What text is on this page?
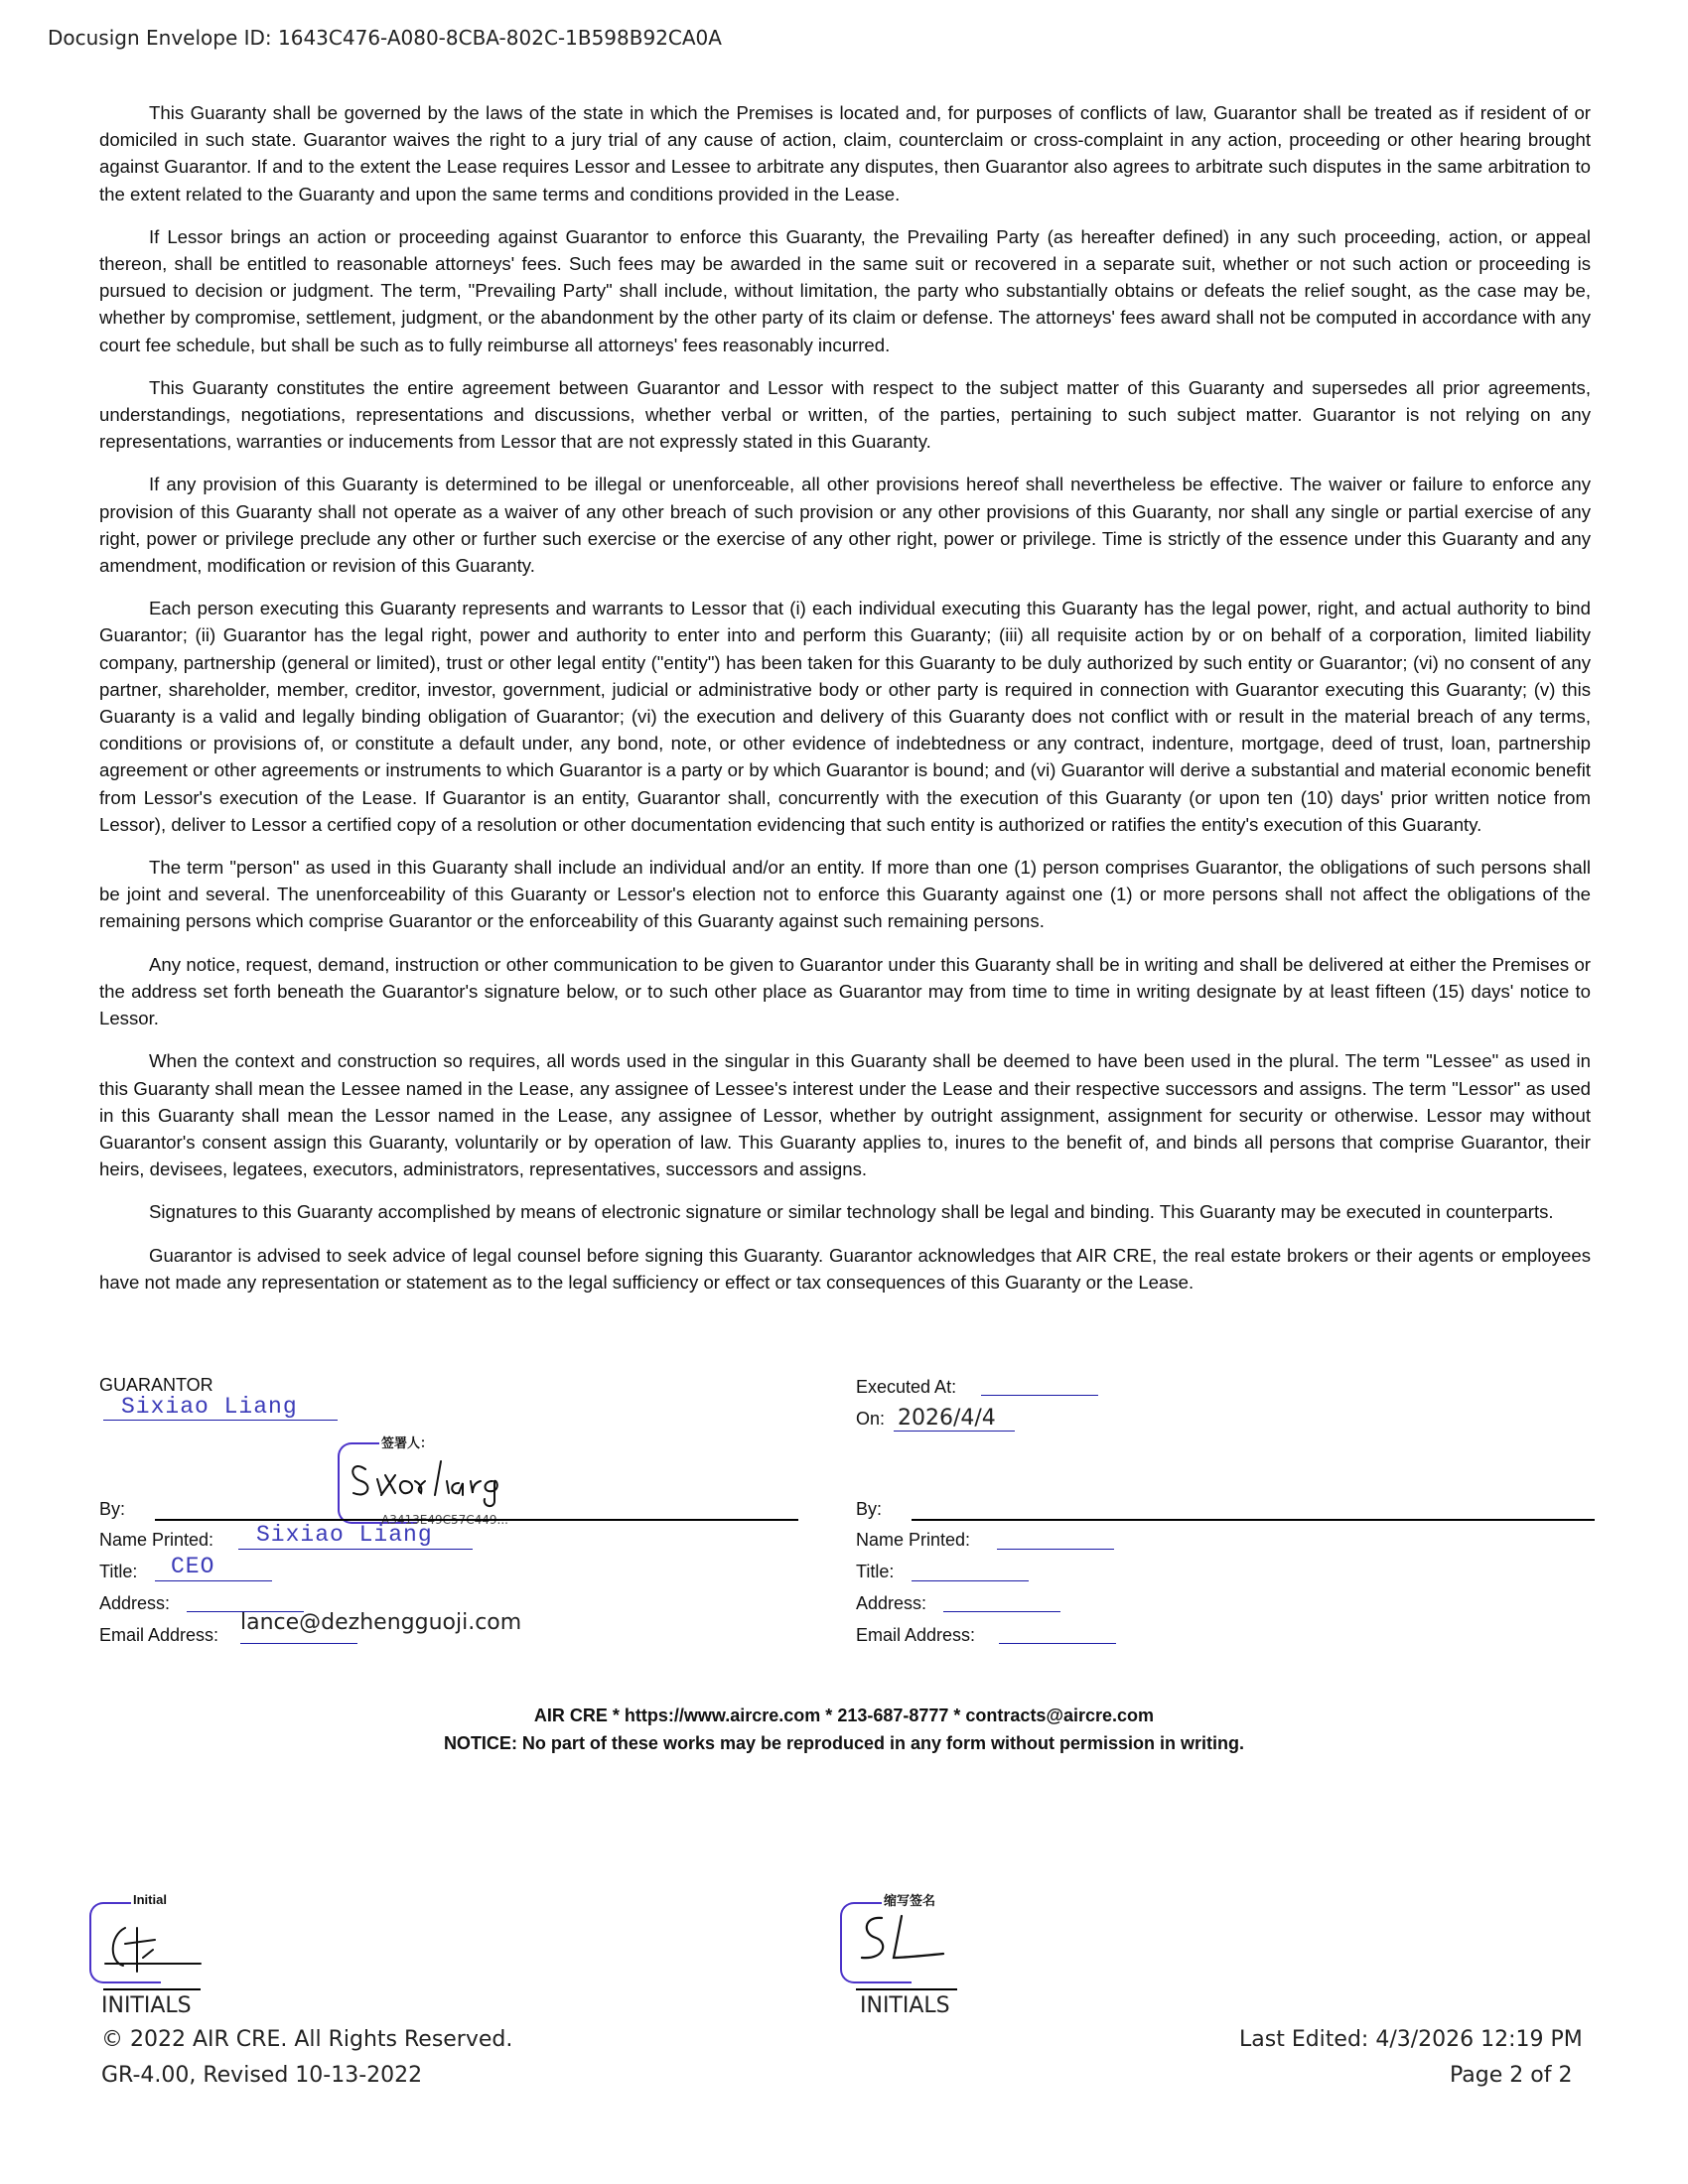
Docusign Envelope ID: 1643C476-A080-8CBA-802C-1B598B92CA0A

This Guaranty shall be governed by the laws of the state in which the Premises is located and, for purposes of conflicts of law, Guarantor shall be treated as if resident of or domiciled in such state. Guarantor waives the right to a jury trial of any cause of action, claim, counterclaim or cross-complaint in any action, proceeding or other hearing brought against Guarantor. If and to the extent the Lease requires Lessor and Lessee to arbitrate any disputes, then Guarantor also agrees to arbitrate such disputes in the same arbitration to the extent related to the Guaranty and upon the same terms and conditions provided in the Lease.

If Lessor brings an action or proceeding against Guarantor to enforce this Guaranty, the Prevailing Party (as hereafter defined) in any such proceeding, action, or appeal thereon, shall be entitled to reasonable attorneys' fees. Such fees may be awarded in the same suit or recovered in a separate suit, whether or not such action or proceeding is pursued to decision or judgment. The term, "Prevailing Party" shall include, without limitation, the party who substantially obtains or defeats the relief sought, as the case may be, whether by compromise, settlement, judgment, or the abandonment by the other party of its claim or defense. The attorneys' fees award shall not be computed in accordance with any court fee schedule, but shall be such as to fully reimburse all attorneys' fees reasonably incurred.

This Guaranty constitutes the entire agreement between Guarantor and Lessor with respect to the subject matter of this Guaranty and supersedes all prior agreements, understandings, negotiations, representations and discussions, whether verbal or written, of the parties, pertaining to such subject matter. Guarantor is not relying on any representations, warranties or inducements from Lessor that are not expressly stated in this Guaranty.

If any provision of this Guaranty is determined to be illegal or unenforceable, all other provisions hereof shall nevertheless be effective. The waiver or failure to enforce any provision of this Guaranty shall not operate as a waiver of any other breach of such provision or any other provisions of this Guaranty, nor shall any single or partial exercise of any right, power or privilege preclude any other or further such exercise or the exercise of any other right, power or privilege. Time is strictly of the essence under this Guaranty and any amendment, modification or revision of this Guaranty.

Each person executing this Guaranty represents and warrants to Lessor that (i) each individual executing this Guaranty has the legal power, right, and actual authority to bind Guarantor; (ii) Guarantor has the legal right, power and authority to enter into and perform this Guaranty; (iii) all requisite action by or on behalf of a corporation, limited liability company, partnership (general or limited), trust or other legal entity ("entity") has been taken for this Guaranty to be duly authorized by such entity or Guarantor; (vi) no consent of any partner, shareholder, member, creditor, investor, government, judicial or administrative body or other party is required in connection with Guarantor executing this Guaranty; (v) this Guaranty is a valid and legally binding obligation of Guarantor; (vi) the execution and delivery of this Guaranty does not conflict with or result in the material breach of any terms, conditions or provisions of, or constitute a default under, any bond, note, or other evidence of indebtedness or any contract, indenture, mortgage, deed of trust, loan, partnership agreement or other agreements or instruments to which Guarantor is a party or by which Guarantor is bound; and (vi) Guarantor will derive a substantial and material economic benefit from Lessor's execution of the Lease. If Guarantor is an entity, Guarantor shall, concurrently with the execution of this Guaranty (or upon ten (10) days' prior written notice from Lessor), deliver to Lessor a certified copy of a resolution or other documentation evidencing that such entity is authorized or ratifies the entity's execution of this Guaranty.

The term "person" as used in this Guaranty shall include an individual and/or an entity. If more than one (1) person comprises Guarantor, the obligations of such persons shall be joint and several. The unenforceability of this Guaranty or Lessor's election not to enforce this Guaranty against one (1) or more persons shall not affect the obligations of the remaining persons which comprise Guarantor or the enforceability of this Guaranty against such remaining persons.

Any notice, request, demand, instruction or other communication to be given to Guarantor under this Guaranty shall be in writing and shall be delivered at either the Premises or the address set forth beneath the Guarantor's signature below, or to such other place as Guarantor may from time to time in writing designate by at least fifteen (15) days' notice to Lessor.

When the context and construction so requires, all words used in the singular in this Guaranty shall be deemed to have been used in the plural. The term "Lessee" as used in this Guaranty shall mean the Lessee named in the Lease, any assignee of Lessee's interest under the Lease and their respective successors and assigns. The term "Lessor" as used in this Guaranty shall mean the Lessor named in the Lease, any assignee of Lessor, whether by outright assignment, assignment for security or otherwise. Lessor may without Guarantor's consent assign this Guaranty, voluntarily or by operation of law. This Guaranty applies to, inures to the benefit of, and binds all persons that comprise Guarantor, their heirs, devisees, legatees, executors, administrators, representatives, successors and assigns.

Signatures to this Guaranty accomplished by means of electronic signature or similar technology shall be legal and binding. This Guaranty may be executed in counterparts.

Guarantor is advised to seek advice of legal counsel before signing this Guaranty. Guarantor acknowledges that AIR CRE, the real estate brokers or their agents or employees have not made any representation or statement as to the legal sufficiency or effect or tax consequences of this Guaranty or the Lease.

GUARANTOR
Sixiao Liang
签署人：
A3413E49C57C449...
By:
Name Printed: Sixiao Liang
Title: CEO
Address:
Email Address: lance@dezhengguoji.com
Executed At:
On: 2026/4/4
By:
Name Printed:
Title:
Address:
Email Address:
AIR CRE * https://www.aircre.com * 213-687-8777 * contracts@aircre.com
NOTICE: No part of these works may be reproduced in any form without permission in writing.
Initial
INITIALS
缩写签名
INITIALS
© 2022 AIR CRE. All Rights Reserved.
GR-4.00, Revised 10-13-2022
Last Edited: 4/3/2026 12:19 PM
Page 2 of 2
